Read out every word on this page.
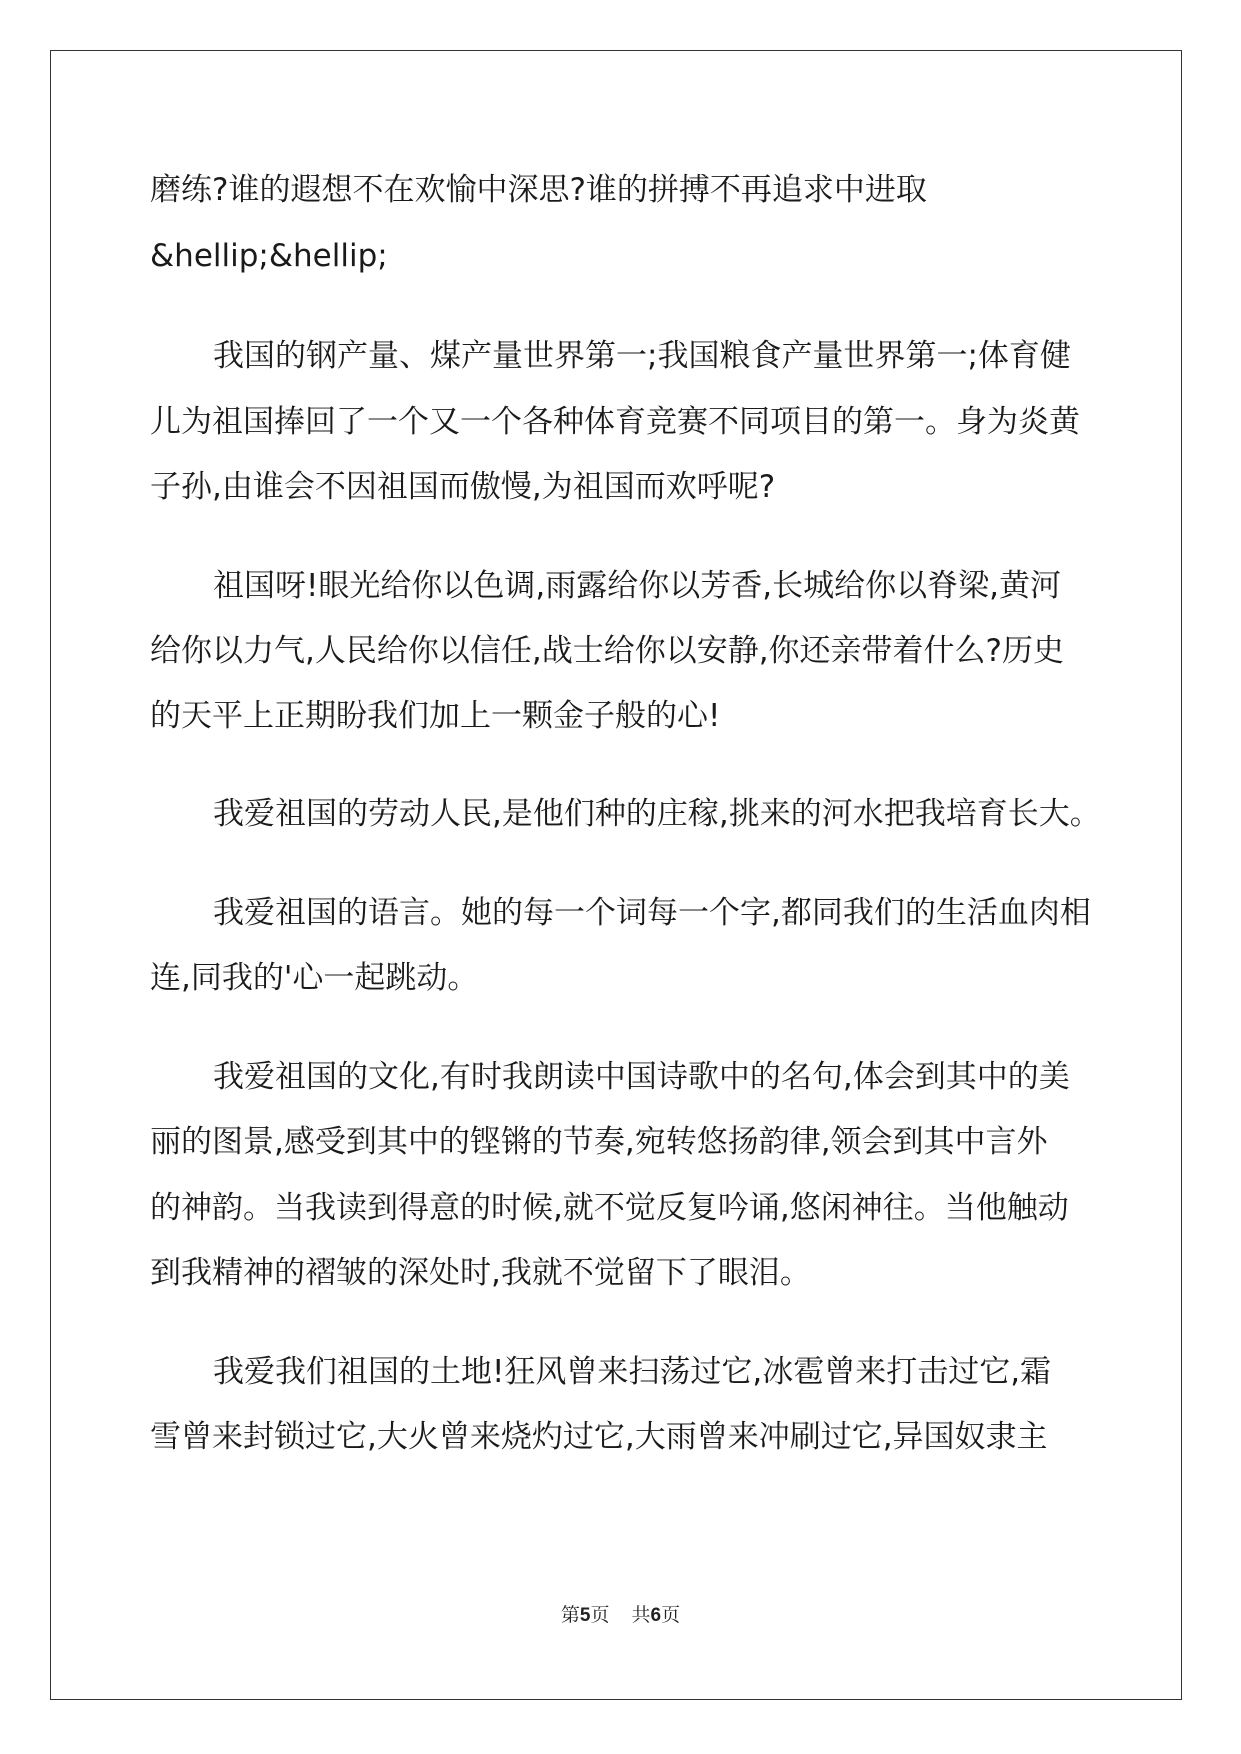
磨练?谁的遐想不在欢愉中深思?谁的拼搏不再追求中进取
&hellip;&hellip;
我国的钢产量、煤产量世界第一;我国粮食产量世界第一;体育健
儿为祖国捧回了一个又一个各种体育竞赛不同项目的第一。身为炎黄
子孙,由谁会不因祖国而傲慢,为祖国而欢呼呢?
祖国呀!眼光给你以色调,雨露给你以芳香,长城给你以脊梁,黄河
给你以力气,人民给你以信任,战士给你以安静,你还亲带着什么?历史
的天平上正期盼我们加上一颗金子般的心!
我爱祖国的劳动人民,是他们种的庄稼,挑来的河水把我培育长大。
我爱祖国的语言。她的每一个词每一个字,都同我们的生活血肉相
连,同我的'心一起跳动。
我爱祖国的文化,有时我朗读中国诗歌中的名句,体会到其中的美
丽的图景,感受到其中的铿锵的节奏,宛转悠扬韵律,领会到其中言外
的神韵。当我读到得意的时候,就不觉反复吟诵,悠闲神往。当他触动
到我精神的褶皱的深处时,我就不觉留下了眼泪。
我爱我们祖国的土地!狂风曾来扫荡过它,冰雹曾来打击过它,霜
雪曾来封锁过它,大火曾来烧灼过它,大雨曾来冲刷过它,异国奴隶主
第5页 共6页
